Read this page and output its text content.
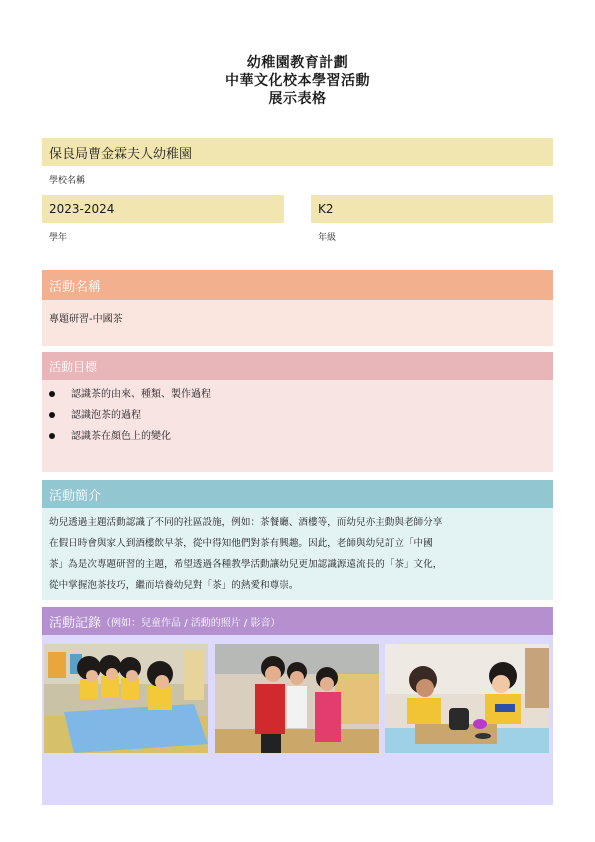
幼稚園教育計劃
中華文化校本學習活動
展示表格
保良局曹金霖夫人幼稚園
學校名稱
2023-2024
學年
K2
年級
活動名稱
專題研習-中國茶
活動目標
認識茶的由來、種類、製作過程
認識泡茶的過程
認識茶在顏色上的變化
活動簡介
幼兒透過主題活動認識了不同的社區設施，例如：茶餐廳、酒樓等，而幼兒亦主動與老師分享
在假日時會與家人到酒樓飲早茶，從中得知他們對茶有興趣。因此，老師與幼兒訂立「中國
茶」為是次專題研習的主題，希望透過各種教學活動讓幼兒更加認識源遠流長的「茶」文化，
從中掌握泡茶技巧，繼而培養幼兒對「茶」的熱愛和尊崇。
活動記錄 （例如：兒童作品 / 活動的照片 / 影音）
